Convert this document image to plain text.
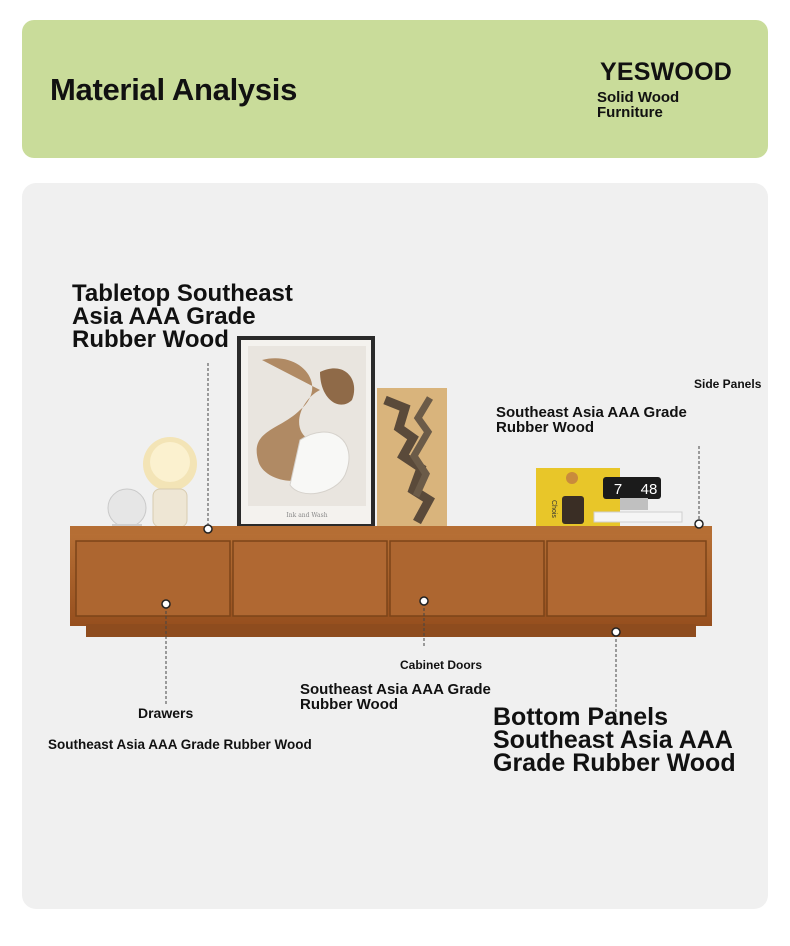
Material Analysis	YESWOOD
Solid Wood
Furniture
Ink and Wash	Chois
7 48
Tabletop Southeast
Asia AAA Grade
Rubber Wood
Side Panels
Southeast Asia AAA Grade
Rubber Wood
Cabinet Doors
Southeast Asia AAA Grade
Rubber Wood
Drawers
Southeast Asia AAA Grade Rubber Wood
Bottom Panels
Southeast Asia AAA
Grade Rubber Wood
